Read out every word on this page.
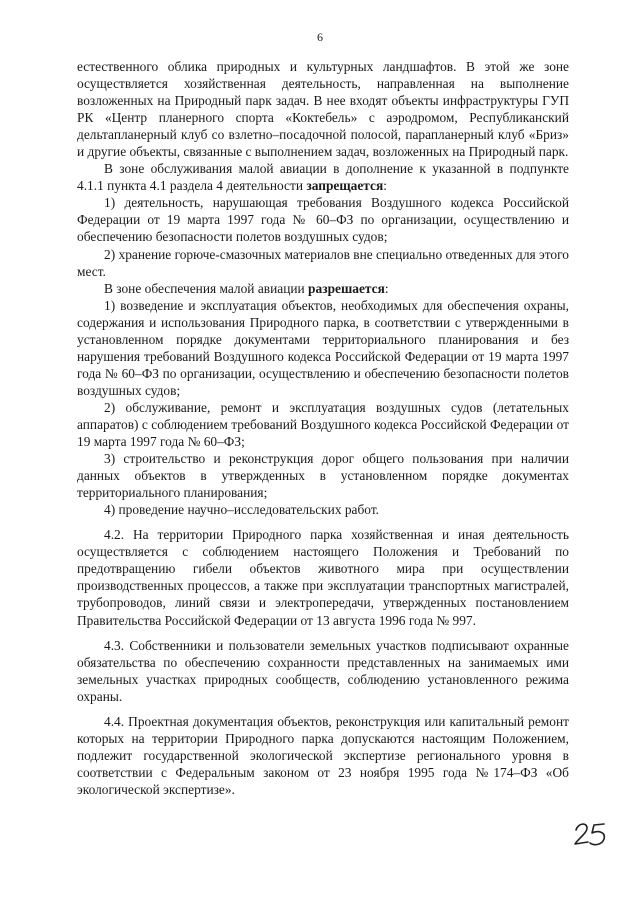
6

естественного облика природных и культурных ландшафтов. В этой же зоне осуществляется хозяйственная деятельность, направленная на выполнение возложенных на Природный парк задач. В нее входят объекты инфраструктуры ГУП РК «Центр планерного спорта «Коктебель» с аэродромом, Республиканский дельтапланерный клуб со взлетно–посадочной полосой, парапланерный клуб «Бриз» и другие объекты, связанные с выполнением задач, возложенных на Природный парк.

В зоне обслуживания малой авиации в дополнение к указанной в подпункте 4.1.1 пункта 4.1 раздела 4 деятельности запрещается:

1) деятельность, нарушающая требования Воздушного кодекса Российской Федерации от 19 марта 1997 года № 60–ФЗ по организации, осуществлению и обеспечению безопасности полетов воздушных судов;

2) хранение горюче-смазочных материалов вне специально отведенных для этого мест.

В зоне обеспечения малой авиации разрешается:

1) возведение и эксплуатация объектов, необходимых для обеспечения охраны, содержания и использования Природного парка, в соответствии с утвержденными в установленном порядке документами территориального планирования и без нарушения требований Воздушного кодекса Российской Федерации от 19 марта 1997 года № 60–ФЗ по организации, осуществлению и обеспечению безопасности полетов воздушных судов;

2) обслуживание, ремонт и эксплуатация воздушных судов (летательных аппаратов) с соблюдением требований Воздушного кодекса Российской Федерации от 19 марта 1997 года № 60–ФЗ;

3) строительство и реконструкция дорог общего пользования при наличии данных объектов в утвержденных в установленном порядке документах территориального планирования;

4) проведение научно–исследовательских работ.

4.2. На территории Природного парка хозяйственная и иная деятельность осуществляется с соблюдением настоящего Положения и Требований по предотвращению гибели объектов животного мира при осуществлении производственных процессов, а также при эксплуатации транспортных магистралей, трубопроводов, линий связи и электропередачи, утвержденных постановлением Правительства Российской Федерации от 13 августа 1996 года № 997.

4.3. Собственники и пользователи земельных участков подписывают охранные обязательства по обеспечению сохранности представленных на занимаемых ими земельных участках природных сообществ, соблюдению установленного режима охраны.

4.4. Проектная документация объектов, реконструкция или капитальный ремонт которых на территории Природного парка допускаются настоящим Положением, подлежит государственной экологической экспертизе регионального уровня в соответствии с Федеральным законом от 23 ноября 1995 года №174–ФЗ «Об экологической экспертизе».
